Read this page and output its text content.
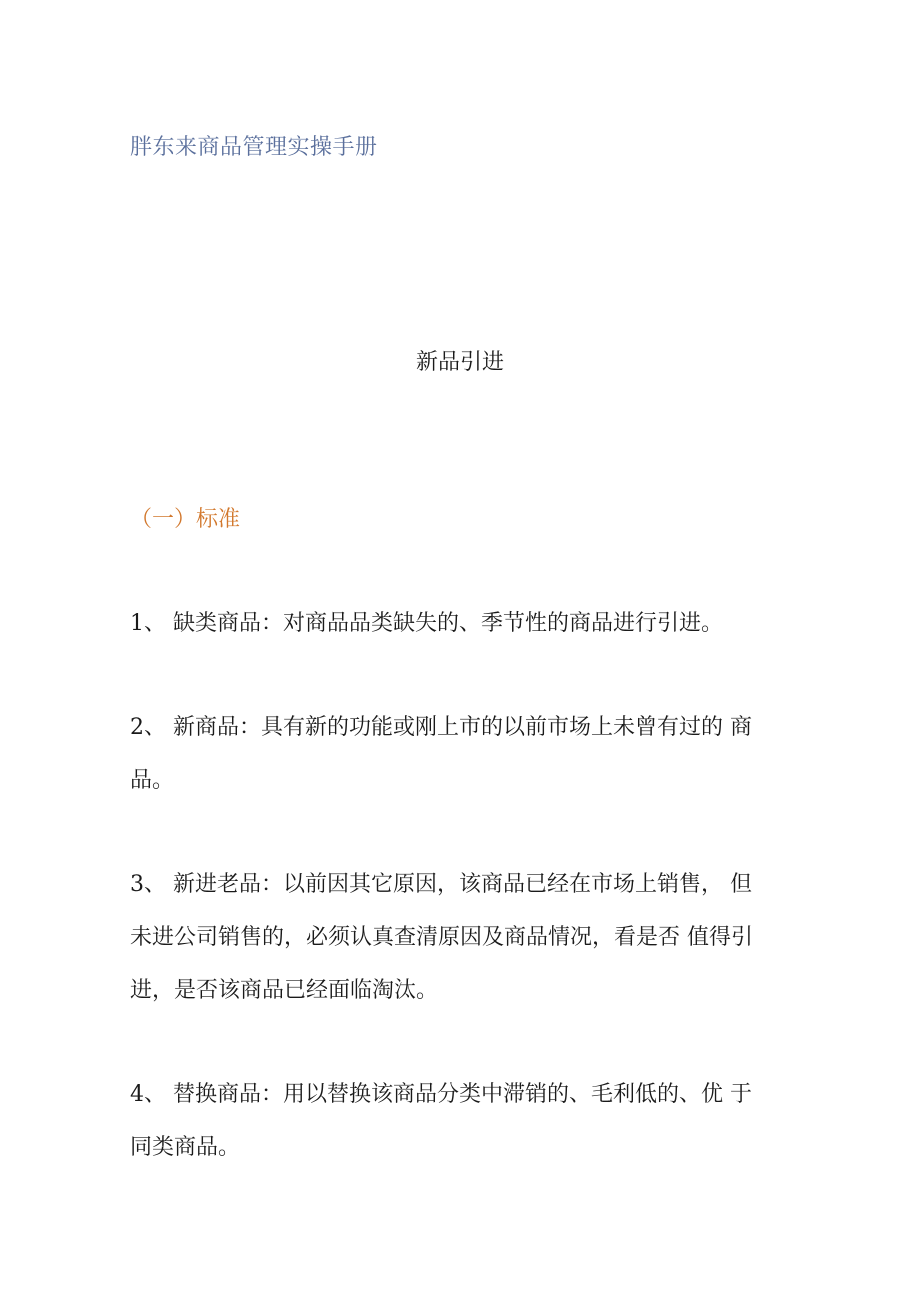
胖东来商品管理实操手册
新品引进
（一）标准
1、 缺类商品：对商品品类缺失的、季节性的商品进行引进。
2、 新商品：具有新的功能或刚上市的以前市场上未曾有过的 商
品。
3、 新进老品：以前因其它原因，该商品已经在市场上销售， 但
未进公司销售的，必须认真查清原因及商品情况，看是否 值得引
进，是否该商品已经面临淘汰。
4、 替换商品：用以替换该商品分类中滞销的、毛利低的、优 于
同类商品。
